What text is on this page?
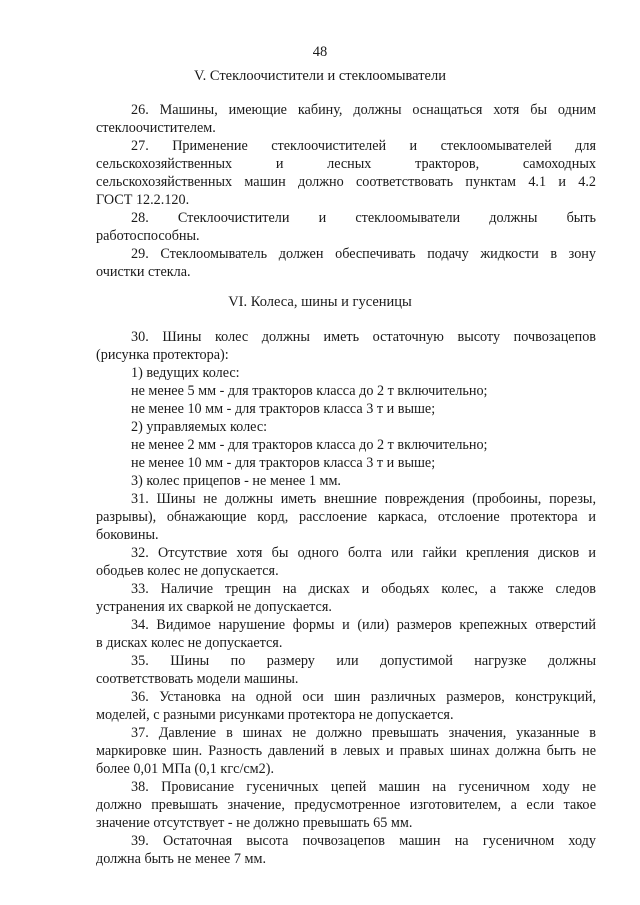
48
V. Стеклоочистители и стеклоомыватели
26. Машины, имеющие кабину, должны оснащаться хотя бы одним
стеклоочистителем.
27. Применение стеклоочистителей и стеклоомывателей для
сельскохозяйственных и лесных тракторов, самоходных
сельскохозяйственных машин должно соответствовать пунктам 4.1 и 4.2
ГОСТ 12.2.120.
28. Стеклоочистители и стеклоомыватели должны быть
работоспособны.
29. Стеклоомыватель должен обеспечивать подачу жидкости в зону
очистки стекла.
VI. Колеса, шины и гусеницы
30. Шины колес должны иметь остаточную высоту почвозацепов
(рисунка протектора):
1) ведущих колес:
не менее 5 мм - для тракторов класса до 2 т включительно;
не менее 10 мм - для тракторов класса 3 т и выше;
2) управляемых колес:
не менее 2 мм - для тракторов класса до 2 т включительно;
не менее 10 мм - для тракторов класса 3 т и выше;
3) колес прицепов - не менее 1 мм.
31. Шины не должны иметь внешние повреждения (пробоины, порезы,
разрывы), обнажающие корд, расслоение каркаса, отслоение протектора и
боковины.
32. Отсутствие хотя бы одного болта или гайки крепления дисков и
ободьев колес не допускается.
33. Наличие трещин на дисках и ободьях колес, а также следов
устранения их сваркой не допускается.
34. Видимое нарушение формы и (или) размеров крепежных отверстий
в дисках колес не допускается.
35. Шины по размеру или допустимой нагрузке должны
соответствовать модели машины.
36. Установка на одной оси шин различных размеров, конструкций,
моделей, с разными рисунками протектора не допускается.
37. Давление в шинах не должно превышать значения, указанные в
маркировке шин. Разность давлений в левых и правых шинах должна быть не
более 0,01 МПа (0,1 кгс/см2).
38. Провисание гусеничных цепей машин на гусеничном ходу не
должно превышать значение, предусмотренное изготовителем, а если такое
значение отсутствует - не должно превышать 65 мм.
39. Остаточная высота почвозацепов машин на гусеничном ходу
должна быть не менее 7 мм.
